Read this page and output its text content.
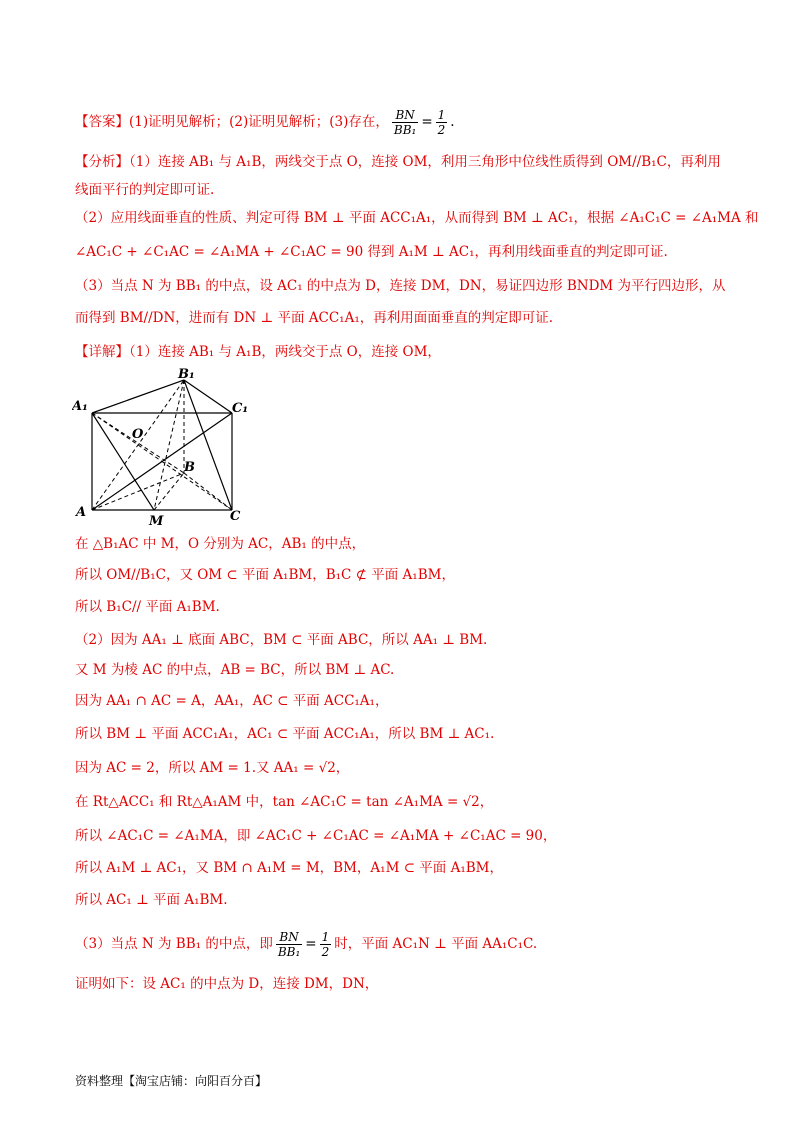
【答案】(1)证明见解析；(2)证明见解析；(3)存在， $\frac{BN}{\text{BB₁}} = \frac{1}{2}$ .
【分析】（1）连接 AB₁ 与 A₁B，两线交于点 O，连接 OM，利用三角形中位线性质得到 OM//B₁C，再利用
线面平行的判定即可证.
（2）应用线面垂直的性质、判定可得 BM ⊥ 平面 ACC₁A₁，从而得到 BM ⊥ AC₁，根据 ∠A₁C₁C = ∠A₁MA 和
∠AC₁C + ∠C₁AC = ∠A₁MA + ∠C₁AC = 90 得到 A₁M ⊥ AC₁，再利用线面垂直的判定即可证.
（3）当点 N 为 BB₁ 的中点，设 AC₁ 的中点为 D，连接 DM，DN，易证四边形 BNDM 为平行四边形，从
而得到 BM//DN，进而有 DN ⊥ 平面 ACC₁A₁，再利用面面垂直的判定即可证.
【详解】（1）连接 AB₁ 与 A₁B，两线交于点 O，连接 OM，
B₁
A₁	C₁
O
B
A
M	C
在 △B₁AC 中 M，O 分别为 AC，AB₁ 的中点，
所以 OM//B₁C，又 OM ⊂ 平面 A₁BM，B₁C ⊄ 平面 A₁BM，
所以 B₁C// 平面 A₁BM.
（2）因为 AA₁ ⊥ 底面 ABC，BM ⊂ 平面 ABC，所以 AA₁ ⊥ BM.
又 M 为棱 AC 的中点，AB = BC，所以 BM ⊥ AC.
因为 AA₁ ∩ AC = A，AA₁，AC ⊂ 平面 ACC₁A₁，
所以 BM ⊥ 平面 ACC₁A₁，AC₁ ⊂ 平面 ACC₁A₁，所以 BM ⊥ AC₁.
因为 AC = 2，所以 AM = 1.又 AA₁ = √2，
在 Rt△ACC₁ 和 Rt△A₁AM 中，tan ∠AC₁C = tan ∠A₁MA = √2，
所以 ∠AC₁C = ∠A₁MA，即 ∠AC₁C + ∠C₁AC = ∠A₁MA + ∠C₁AC = 90，
所以 A₁M ⊥ AC₁，又 BM ∩ A₁M = M，BM，A₁M ⊂ 平面 A₁BM，
所以 AC₁ ⊥ 平面 A₁BM.
（3）当点 N 为 BB₁ 的中点，即 $\frac{BN}{\text{BB₁}} = \frac{1}{2}$ 时，平面 AC₁N ⊥ 平面 AA₁C₁C.
证明如下：设 AC₁ 的中点为 D，连接 DM，DN，
资料整理【淘宝店铺：向阳百分百】
